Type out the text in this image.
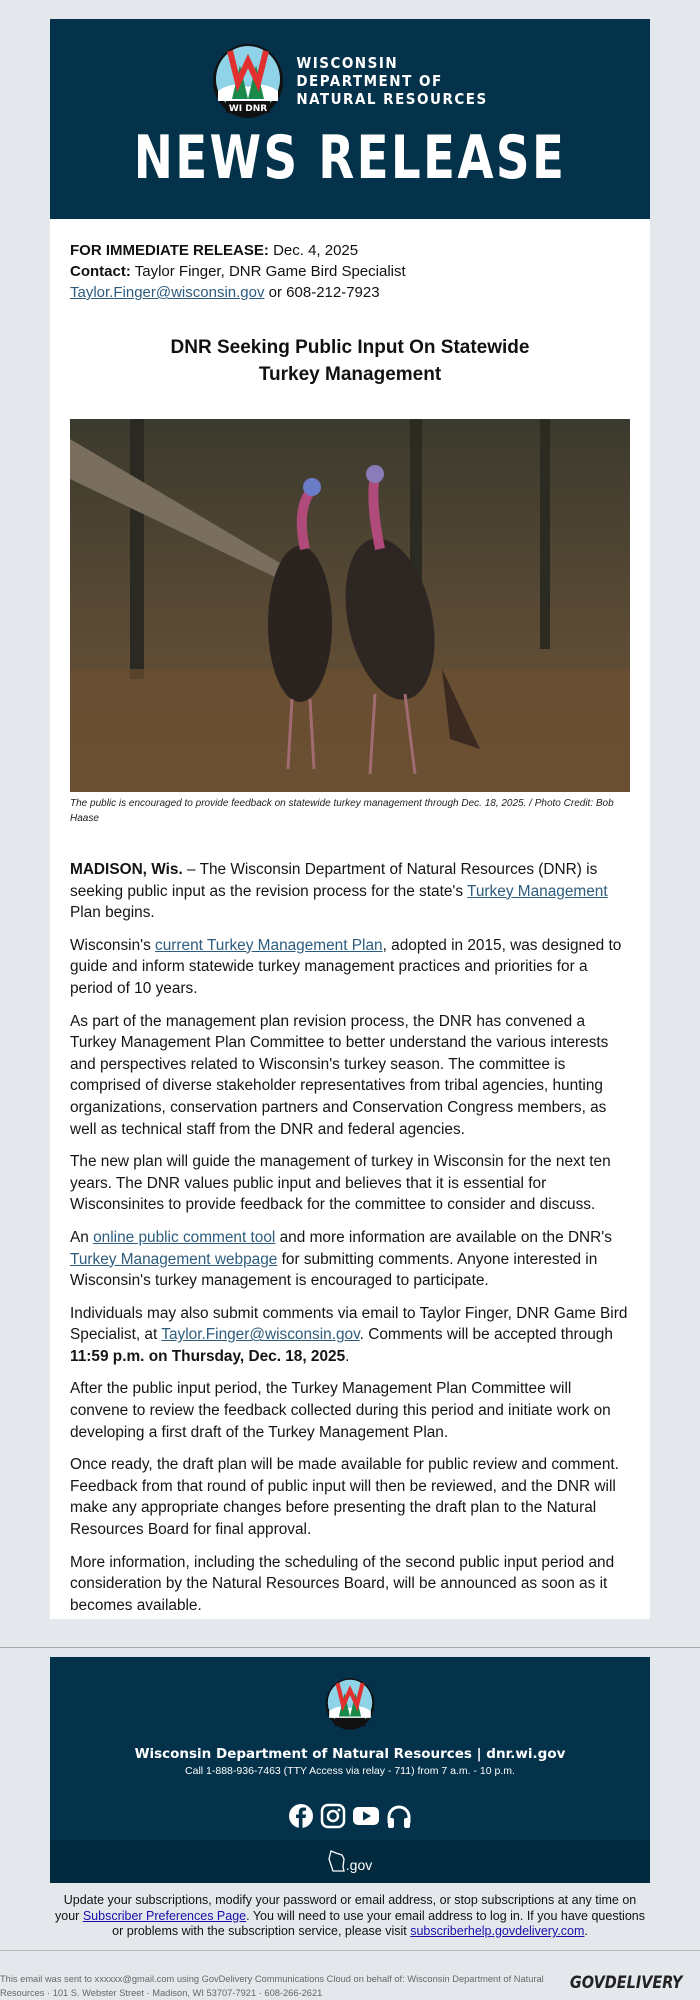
WI DNR
WISCONSIN
DEPARTMENT OF
NATURAL RESOURCES
NEWS RELEASE
FOR IMMEDIATE RELEASE: Dec. 4, 2025
Contact: Taylor Finger, DNR Game Bird Specialist
Taylor.Finger@wisconsin.gov or 608-212-7923
DNR Seeking Public Input On Statewide
Turkey Management
The public is encouraged to provide feedback on statewide turkey management through Dec. 18, 2025. / Photo Credit: Bob Haase

MADISON, Wis. – The Wisconsin Department of Natural Resources (DNR) is seeking public input as the revision process for the state's Turkey Management Plan begins.

Wisconsin's current Turkey Management Plan, adopted in 2015, was designed to guide and inform statewide turkey management practices and priorities for a period of 10 years.

As part of the management plan revision process, the DNR has convened a Turkey Management Plan Committee to better understand the various interests and perspectives related to Wisconsin's turkey season. The committee is comprised of diverse stakeholder representatives from tribal agencies, hunting organizations, conservation partners and Conservation Congress members, as well as technical staff from the DNR and federal agencies.

The new plan will guide the management of turkey in Wisconsin for the next ten years. The DNR values public input and believes that it is essential for Wisconsinites to provide feedback for the committee to consider and discuss.

An online public comment tool and more information are available on the DNR's Turkey Management webpage for submitting comments. Anyone interested in Wisconsin's turkey management is encouraged to participate.

Individuals may also submit comments via email to Taylor Finger, DNR Game Bird Specialist, at Taylor.Finger@wisconsin.gov. Comments will be accepted through 11:59 p.m. on Thursday, Dec. 18, 2025.

After the public input period, the Turkey Management Plan Committee will convene to review the feedback collected during this period and initiate work on developing a first draft of the Turkey Management Plan.

Once ready, the draft plan will be made available for public review and comment. Feedback from that round of public input will then be reviewed, and the DNR will make any appropriate changes before presenting the draft plan to the Natural Resources Board for final approval.

More information, including the scheduling of the second public input period and consideration by the Natural Resources Board, will be announced as soon as it becomes available.

Wisconsin Department of Natural Resources | dnr.wi.gov
Call 1-888-936-7463 (TTY Access via relay - 711) from 7 a.m. - 10 p.m.
.gov
Update your subscriptions, modify your password or email address, or stop subscriptions at any time on your Subscriber Preferences Page. You will need to use your email address to log in. If you have questions or problems with the subscription service, please visit subscriberhelp.govdelivery.com.
This email was sent to xxxxxx@gmail.com using GovDelivery Communications Cloud on behalf of: Wisconsin Department of Natural Resources · 101 S. Webster Street · Madison, WI 53707-7921 · 608-266-2621	GOVDELIVERY
